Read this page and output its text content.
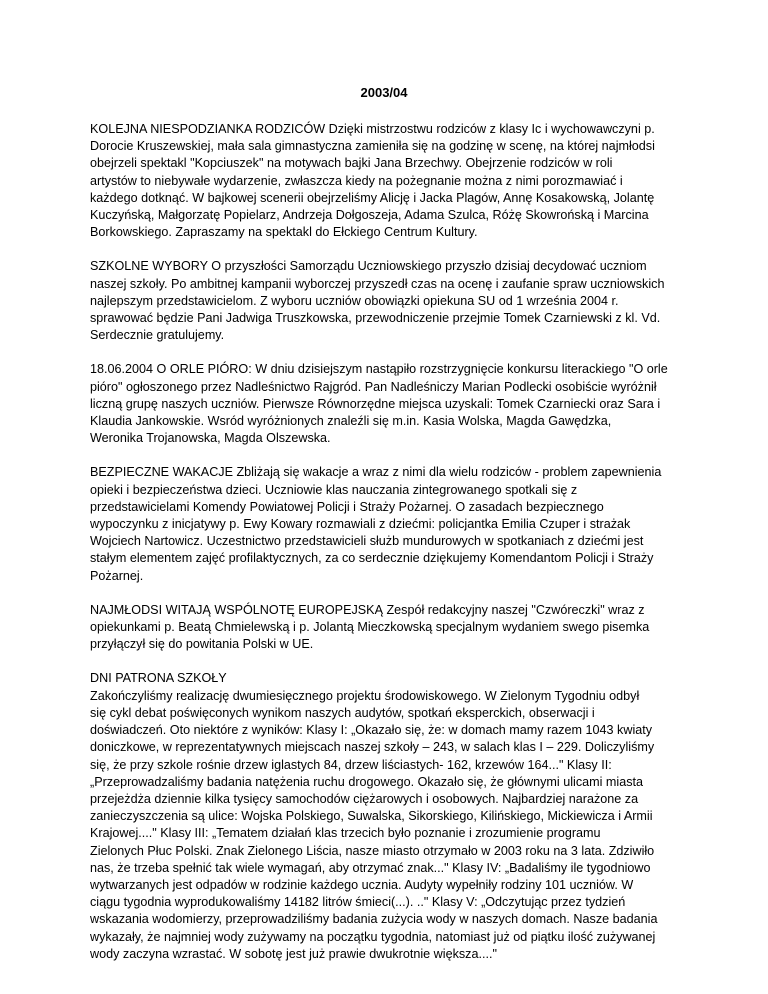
2003/04

KOLEJNA NIESPODZIANKA RODZICÓW Dzięki mistrzostwu rodziców z klasy Ic i wychowawczyni p.
Dorocie Kruszewskiej, mała sala gimnastyczna zamieniła się na godzinę w scenę, na której najmłodsi
obejrzeli spektakl "Kopciuszek" na motywach bajki Jana Brzechwy. Obejrzenie rodziców w roli
artystów to niebywałe wydarzenie, zwłaszcza kiedy na pożegnanie można z nimi porozmawiać i
każdego dotknąć. W bajkowej scenerii obejrzeliśmy Alicję i Jacka Plagów, Annę Kosakowską, Jolantę
Kuczyńską, Małgorzatę Popielarz, Andrzeja Dołgoszeja, Adama Szulca, Różę Skowrońską i Marcina
Borkowskiego. Zapraszamy na spektakl do Ełckiego Centrum Kultury.

SZKOLNE WYBORY O przyszłości Samorządu Uczniowskiego przyszło dzisiaj decydować uczniom
naszej szkoły. Po ambitnej kampanii wyborczej przyszedł czas na ocenę i zaufanie spraw uczniowskich
najlepszym przedstawicielom. Z wyboru uczniów obowiązki opiekuna SU od 1 września 2004 r.
sprawować będzie Pani Jadwiga Truszkowska, przewodniczenie przejmie Tomek Czarniewski z kl. Vd.
Serdecznie gratulujemy.

18.06.2004 O ORLE PIÓRO: W dniu dzisiejszym nastąpiło rozstrzygnięcie konkursu literackiego "O orle
pióro" ogłoszonego przez Nadleśnictwo Rajgród. Pan Nadleśniczy Marian Podlecki osobiście wyróżnił
liczną grupę naszych uczniów. Pierwsze Równorzędne miejsca uzyskali: Tomek Czarniecki oraz Sara i
Klaudia Jankowskie. Wsród wyróżnionych znaleźli się m.in. Kasia Wolska, Magda Gawędzka,
Weronika Trojanowska, Magda Olszewska.

BEZPIECZNE WAKACJE Zbliżają się wakacje a wraz z nimi dla wielu rodziców - problem zapewnienia
opieki i bezpieczeństwa dzieci. Uczniowie klas nauczania zintegrowanego spotkali się z
przedstawicielami Komendy Powiatowej Policji i Straży Pożarnej. O zasadach bezpiecznego
wypoczynku z inicjatywy p. Ewy Kowary rozmawiali z dziećmi: policjantka Emilia Czuper i strażak
Wojciech Nartowicz. Uczestnictwo przedstawicieli służb mundurowych w spotkaniach z dziećmi jest
stałym elementem zajęć profilaktycznych, za co serdecznie dziękujemy Komendantom Policji i Straży
Pożarnej.

NAJMŁODSI WITAJĄ WSPÓLNOTĘ EUROPEJSKĄ Zespół redakcyjny naszej "Czwóreczki" wraz z
opiekunkami p. Beatą Chmielewską i p. Jolantą Mieczkowską specjalnym wydaniem swego pisemka
przyłączył się do powitania Polski w UE.

DNI PATRONA SZKOŁY
Zakończyliśmy realizację dwumiesięcznego projektu środowiskowego. W Zielonym Tygodniu odbył
się cykl debat poświęconych wynikom naszych audytów, spotkań eksperckich, obserwacji i
doświadczeń. Oto niektóre z wyników: Klasy I: „Okazało się, że: w domach mamy razem 1043 kwiaty
doniczkowe, w reprezentatywnych miejscach naszej szkoły – 243, w salach klas I – 229. Doliczyliśmy
się, że przy szkole rośnie drzew iglastych 84, drzew liściastych- 162, krzewów 164..." Klasy II:
„Przeprowadzaliśmy badania natężenia ruchu drogowego. Okazało się, że głównymi ulicami miasta
przejeżdża dziennie kilka tysięcy samochodów ciężarowych i osobowych. Najbardziej narażone za
zanieczyszczenia są ulice: Wojska Polskiego, Suwalska, Sikorskiego, Kilińskiego, Mickiewicza i Armii
Krajowej...." Klasy III: „Tematem działań klas trzecich było poznanie i zrozumienie programu
Zielonych Płuc Polski. Znak Zielonego Liścia, nasze miasto otrzymało w 2003 roku na 3 lata. Zdziwiło
nas, że trzeba spełnić tak wiele wymagań, aby otrzymać znak..." Klasy IV: „Badaliśmy ile tygodniowo
wytwarzanych jest odpadów w rodzinie każdego ucznia. Audyty wypełniły rodziny 101 uczniów. W
ciągu tygodnia wyprodukowaliśmy 14182 litrów śmieci(...). .." Klasy V: „Odczytując przez tydzień
wskazania wodomierzy, przeprowadziliśmy badania zużycia wody w naszych domach. Nasze badania
wykazały, że najmniej wody zużywamy na początku tygodnia, natomiast już od piątku ilość zużywanej
wody zaczyna wzrastać. W sobotę jest już prawie dwukrotnie większa...."
